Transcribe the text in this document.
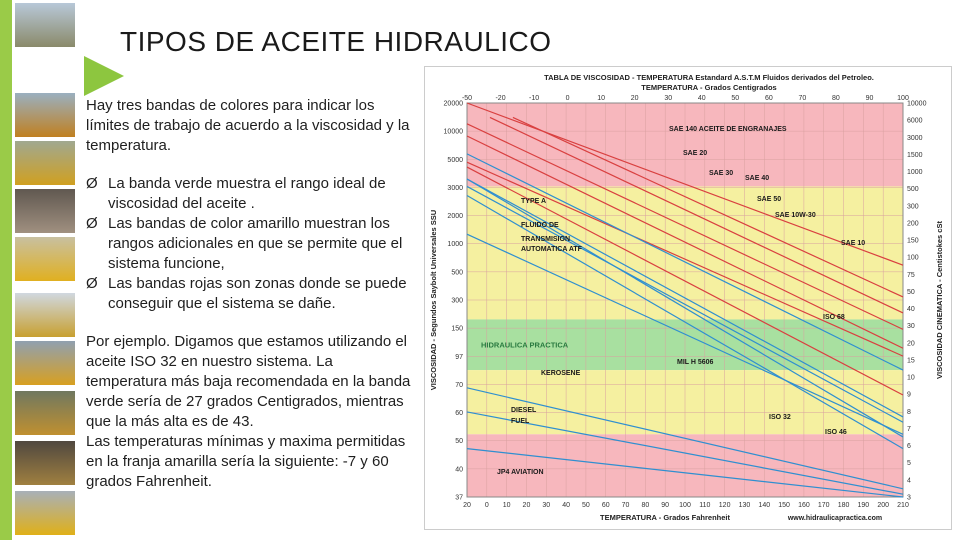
TIPOS DE ACEITE HIDRAULICO

Hay tres bandas de colores para indicar los límites de trabajo de acuerdo a la viscosidad y la temperatura.

Ø La banda verde muestra el rango ideal de viscosidad del aceite .
Ø Las bandas de color amarillo muestran los rangos adicionales en que se permite que el sistema funcione,
Ø Las bandas rojas son zonas donde se puede conseguir que el sistema se dañe.

Por ejemplo. Digamos que estamos utilizando el aceite ISO 32 en nuestro sistema. La temperatura más baja recomendada en la banda verde sería de 27 grados Centigrados, mientras que la más alta es de 43.

Las temperaturas mínimas y maxima permitidas en la franja amarilla sería la siguiente: -7 y 60 grados Fahrenheit.

TABLA DE VISCOSIDAD - TEMPERATURA Estandard A.S.T.M Fluidos derivados del Petroleo.
TEMPERATURA - Grados Centigrados
-50	-20	-10	0	10	20	30	40	50	60	70	80	90	100
20 0 10 20 30 40 50 60 70 80 90 100 110 120 130 140 150 160 170 180 190 200 210
TEMPERATURA - Grados Fahrenheit	www.hidraulicapractica.com
20000
10000
5000
3000
2000
1000
500
300
150
97
70
60
50
40
37
10000
6000
3000
1500
1000
500
300
200
150
100
75
50
40
30
20
15
10
9
8
7
6
5
4
3
VISCOSIDAD - Segundos Saybolt Universales SSU	VISCOSIDAD CINEMATICA - Centistokes cSt
HIDRAULICA PRACTICA
SAE 140 ACEITE DE ENGRANAJES
SAE 20
SAE 30
SAE 40
SAE 50
SAE 10W-30
SAE 10
TYPE A
FLUIDO DE
TRANSMISION
AUTOMATICA ATF
ISO 68
MIL H 5606
KEROSENE
DIESEL
FUEL
ISO 32
ISO 46
JP4 AVIATION
